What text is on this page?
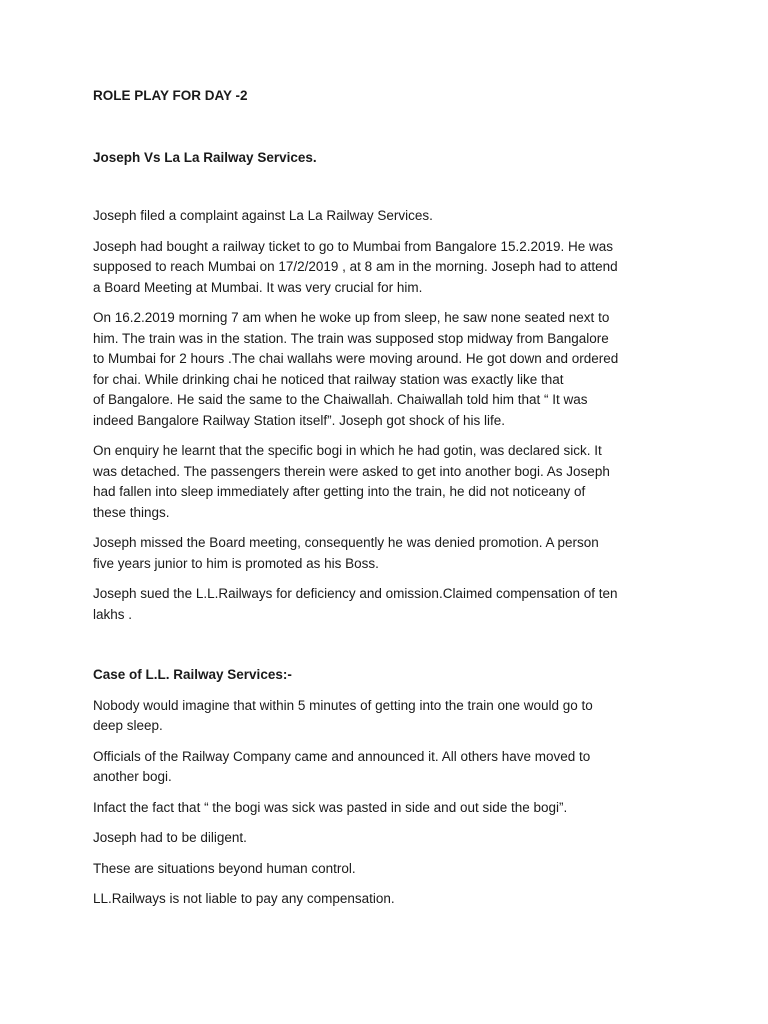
ROLE PLAY FOR DAY -2

Joseph Vs La La Railway Services.

Joseph filed a complaint against La La Railway Services.

Joseph had bought a railway ticket to go to Mumbai from Bangalore 15.2.2019. He was
supposed to reach Mumbai on 17/2/2019 , at 8 am in the morning. Joseph had to attend
a Board Meeting at Mumbai. It was very crucial for him.

On 16.2.2019 morning 7 am when he woke up from sleep, he saw none seated next to
him. The train was in the station. The train was supposed stop midway from Bangalore
to Mumbai for 2 hours .The chai wallahs were moving around. He got down and ordered
for chai. While drinking chai he noticed that railway station was exactly like that
of Bangalore. He said the same to the Chaiwallah. Chaiwallah told him that “ It was
indeed Bangalore Railway Station itself”. Joseph got shock of his life.

On enquiry he learnt that the specific bogi in which he had gotin, was declared sick. It
was detached. The passengers therein were asked to get into another bogi. As Joseph
had fallen into sleep immediately after getting into the train, he did not noticeany of
these things.

Joseph missed the Board meeting, consequently he was denied promotion. A person
five years junior to him is promoted as his Boss.

Joseph sued the L.L.Railways for deficiency and omission.Claimed compensation of ten
lakhs .

Case of L.L. Railway Services:-

Nobody would imagine that within 5 minutes of getting into the train one would go to
deep sleep.

Officials of the Railway Company came and announced it. All others have moved to
another bogi.

Infact the fact that “ the bogi was sick was pasted in side and out side the bogi”.

Joseph had to be diligent.

These are situations beyond human control.

LL.Railways is not liable to pay any compensation.
